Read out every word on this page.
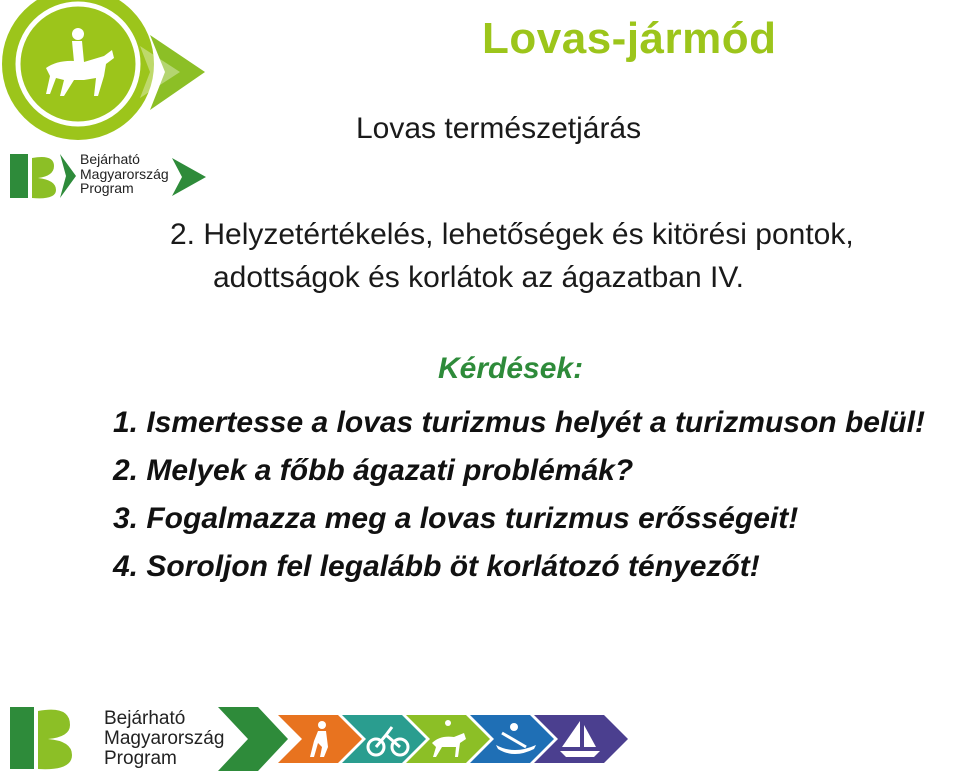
Bejárható
Magyarország
Program
Lovas-jármód
Lovas természetjárás
2. Helyzetértékelés, lehetőségek és kitörési pontok,
adottságok és korlátok az ágazatban IV.
Kérdések:
1. Ismertesse a lovas turizmus helyét a turizmuson belül!
2. Melyek a főbb ágazati problémák?
3. Fogalmazza meg a lovas turizmus erősségeit!
4. Soroljon fel legalább öt korlátozó tényezőt!
Bejárható
Magyarország
Program
